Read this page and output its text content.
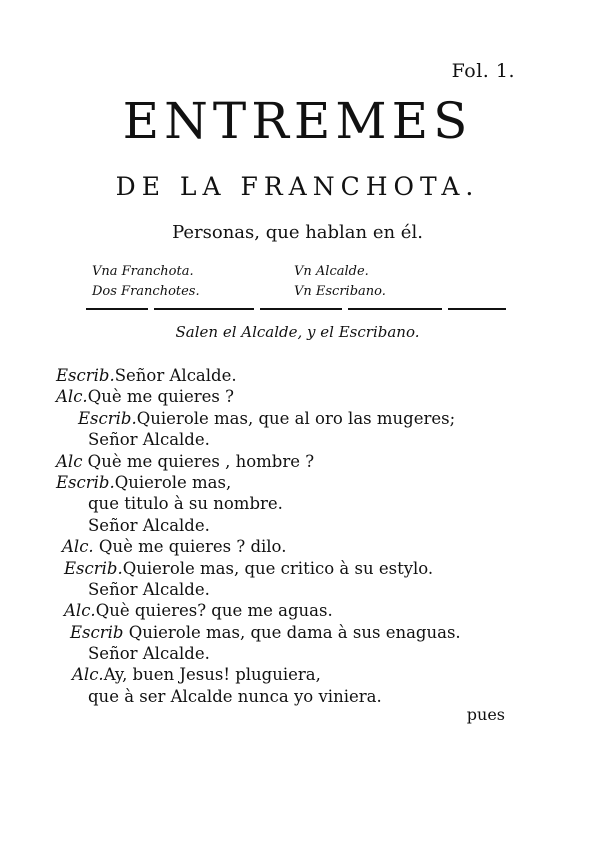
Fol. 1.
ENTREMES
DE LA FRANCHOTA.
Personas, que hablan en él.
Vna Franchota.	Vn Alcalde.
Dos Franchotes.	Vn Escribano.
Salen el Alcalde, y el Escribano.
Escrib. Señor Alcalde.
Alc. Què me quieres ?
Escrib. Quierole mas, que al oro las mugeres;
Señor Alcalde.
Alc Què me quieres , hombre ?
Escrib. Quierole mas,
que titulo à su nombre.
Señor Alcalde.
Alc. Què me quieres ? dilo.
Escrib. Quierole mas, que critico à su estylo.
Señor Alcalde.
Alc. Què quieres? que me aguas.
Escrib Quierole mas, que dama à sus enaguas.
Señor Alcalde.
Alc. Ay, buen Jesus! pluguiera,
que à ser Alcalde nunca yo viniera.
pues
